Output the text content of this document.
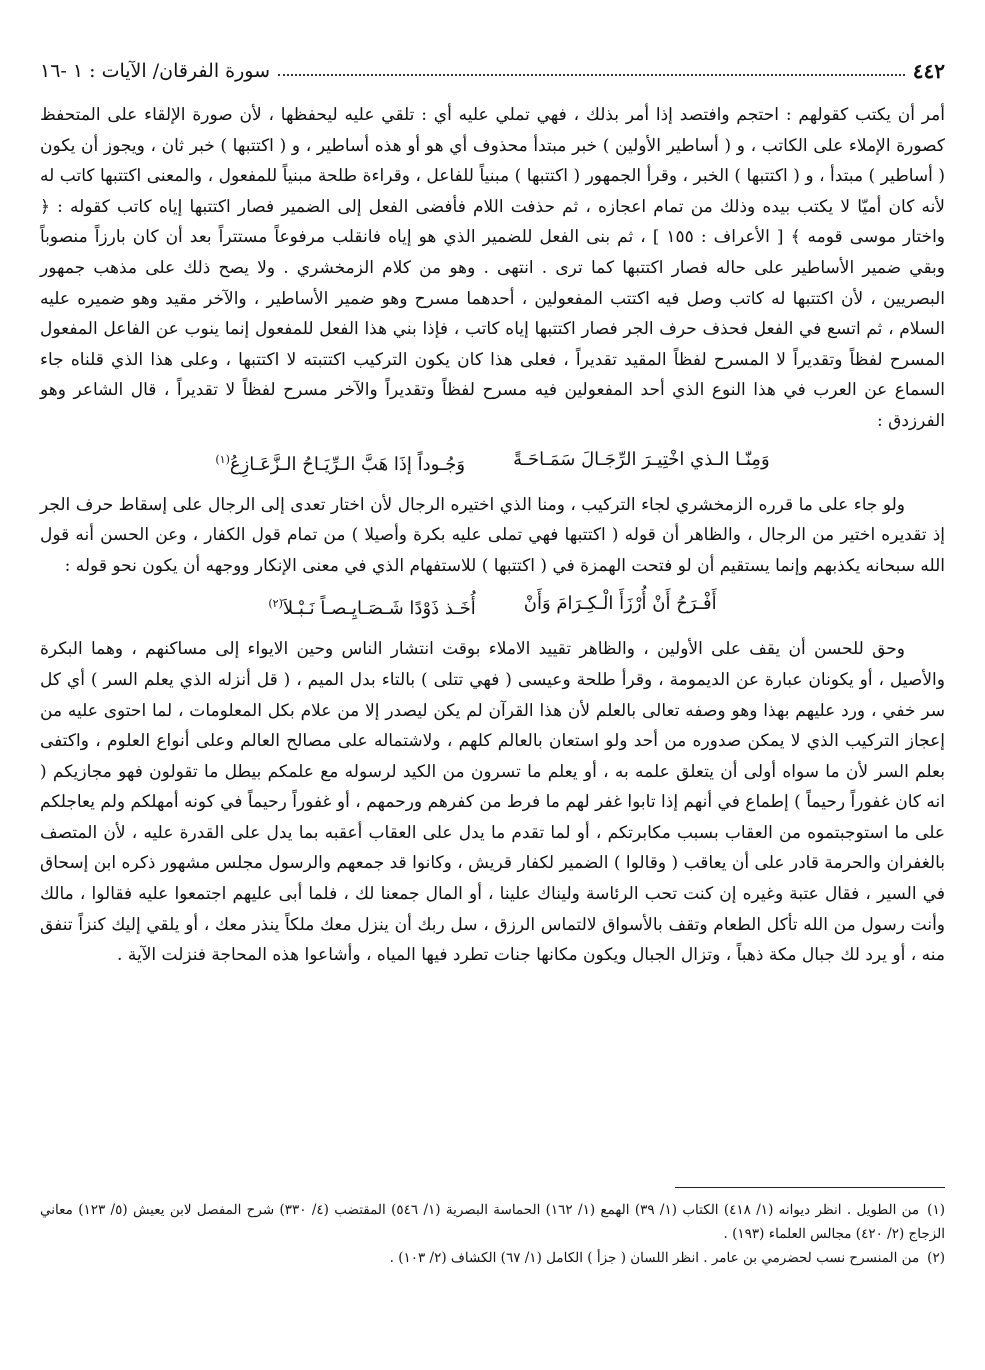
٤٤٢
سورة الفرقان/ الآيات : ١ -١٦

أمر أن يكتب كقولهم : احتجم وافتصد إذا أمر بذلك ، فهي تملي عليه أي : تلقي عليه ليحفظها ، لأن صورة الإلقاء على المتحفظ كصورة الإملاء على الكاتب ، و ( أساطير الأولين ) خبر مبتدأ محذوف أي هو أو هذه أساطير ، و ( اكتتبها ) خبر ثان ، ويجوز أن يكون ( أساطير ) مبتدأ ، و ( اكتتبها ) الخبر ، وقرأ الجمهور ( اكتتبها ) مبنياً للفاعل ، وقراءة طلحة مبنياً للمفعول ، والمعنى اكتتبها كاتب له لأنه كان أميّا لا يكتب بيده وذلك من تمام اعجازه ، ثم حذفت اللام فأفضى الفعل إلى الضمير فصار اكتتبها إياه كاتب كقوله : ﴿ واختار موسى قومه ﴾ [ الأعراف : ١٥٥ ] ، ثم بنى الفعل للضمير الذي هو إياه فانقلب مرفوعاً مستتراً بعد أن كان بارزاً منصوباً وبقي ضمير الأساطير على حاله فصار اكتتبها كما ترى . انتهى . وهو من كلام الزمخشري . ولا يصح ذلك على مذهب جمهور البصريين ، لأن اكتتبها له كاتب وصل فيه اكتتب المفعولين ، أحدهما مسرح وهو ضمير الأساطير ، والآخر مقيد وهو ضميره عليه السلام ، ثم اتسع في الفعل فحذف حرف الجر فصار اكتتبها إياه كاتب ، فإذا بني هذا الفعل للمفعول إنما ينوب عن الفاعل المفعول المسرح لفظاً وتقديراً لا المسرح لفظاً المقيد تقديراً ، فعلى هذا كان يكون التركيب اكتتبته لا اكتتبها ، وعلى هذا الذي قلناه جاء السماع عن العرب في هذا النوع الذي أحد المفعولين فيه مسرح لفظاً وتقديراً والآخر مسرح لفظاً لا تقديراً ، قال الشاعر وهو الفرزدق :

وَمِنّـا الـذي اخْتِيـرَ الرِّجَـالَ سَمَـاحَـةً
وَجُـوداً إذَا هَبَّ الـرِّيَـاحُ الـزَّعَـازِعُ$^{(١)}$

ولو جاء على ما قرره الزمخشري لجاء التركيب ، ومنا الذي اختيره الرجال لأن اختار تعدى إلى الرجال على إسقاط حرف الجر إذ تقديره اختير من الرجال ، والظاهر أن قوله ( اكتتبها فهي تملى عليه بكرة وأصيلا ) من تمام قول الكفار ، وعن الحسن أنه قول الله سبحانه يكذبهم وإنما يستقيم أن لو فتحت الهمزة في ( اكتتبها ) للاستفهام الذي في معنى الإنكار ووجهه أن يكون نحو قوله :

أَفْـرَحُ أَنْ أُرْزَأَ الْـكِـرَامَ وَأَنْ
أُخَـذ ذَوْدًا شَـصَـايِـصـاً نَـبْـلاَ$^{(٢)}$

وحق للحسن أن يقف على الأولين ، والظاهر تقييد الاملاء بوقت انتشار الناس وحين الايواء إلى مساكنهم ، وهما البكرة والأصيل ، أو يكونان عبارة عن الديمومة ، وقرأ طلحة وعيسى ( فهي تتلى ) بالتاء بدل الميم ، ( قل أنزله الذي يعلم السر ) أي كل سر خفي ، ورد عليهم بهذا وهو وصفه تعالى بالعلم لأن هذا القرآن لم يكن ليصدر إلا من علام بكل المعلومات ، لما احتوى عليه من إعجاز التركيب الذي لا يمكن صدوره من أحد ولو استعان بالعالم كلهم ، ولاشتماله على مصالح العالم وعلى أنواع العلوم ، واكتفى بعلم السر لأن ما سواه أولى أن يتعلق علمه به ، أو يعلم ما تسرون من الكيد لرسوله مع علمكم بيطل ما تقولون فهو مجازيكم ( انه كان غفوراً رحيماً ) إطماع في أنهم إذا تابوا غفر لهم ما فرط من كفرهم ورحمهم ، أو غفوراً رحيماً في كونه أمهلكم ولم يعاجلكم على ما استوجبتموه من العقاب بسبب مكابرتكم ، أو لما تقدم ما يدل على العقاب أعقبه بما يدل على القدرة عليه ، لأن المتصف بالغفران والحرمة قادر على أن يعاقب ( وقالوا ) الضمير لكفار قريش ، وكانوا قد جمعهم والرسول مجلس مشهور ذكره ابن إسحاق في السير ، فقال عتبة وغيره إن كنت تحب الرئاسة وليناك علينا ، أو المال جمعنا لك ، فلما أبى عليهم اجتمعوا عليه فقالوا ، مالك وأنت رسول من الله تأكل الطعام وتقف بالأسواق لالتماس الرزق ، سل ربك أن ينزل معك ملكاً ينذر معك ، أو يلقي إليك كنزاً تنفق منه ، أو يرد لك جبال مكة ذهباً ، وتزال الجبال ويكون مكانها جنات تطرد فيها المياه ، وأشاعوا هذه المحاجة فنزلت الآية .

(١)من الطويل . انظر ديوانه (١/ ٤١٨) الكتاب (١/ ٣٩) الهمع (١/ ١٦٢) الحماسة البصرية (١/ ٥٤٦) المقتضب (٤/ ٣٣٠) شرح المفصل لابن يعيش (٥/ ١٢٣) معاني الزجاج (٢/ ٤٢٠) مجالس العلماء (١٩٣) .

(٢)من المنسرح نسب لحضرمي بن عامر . انظر اللسان ( جزأ ) الكامل (١/ ٦٧) الكشاف (٢/ ١٠٣) .
